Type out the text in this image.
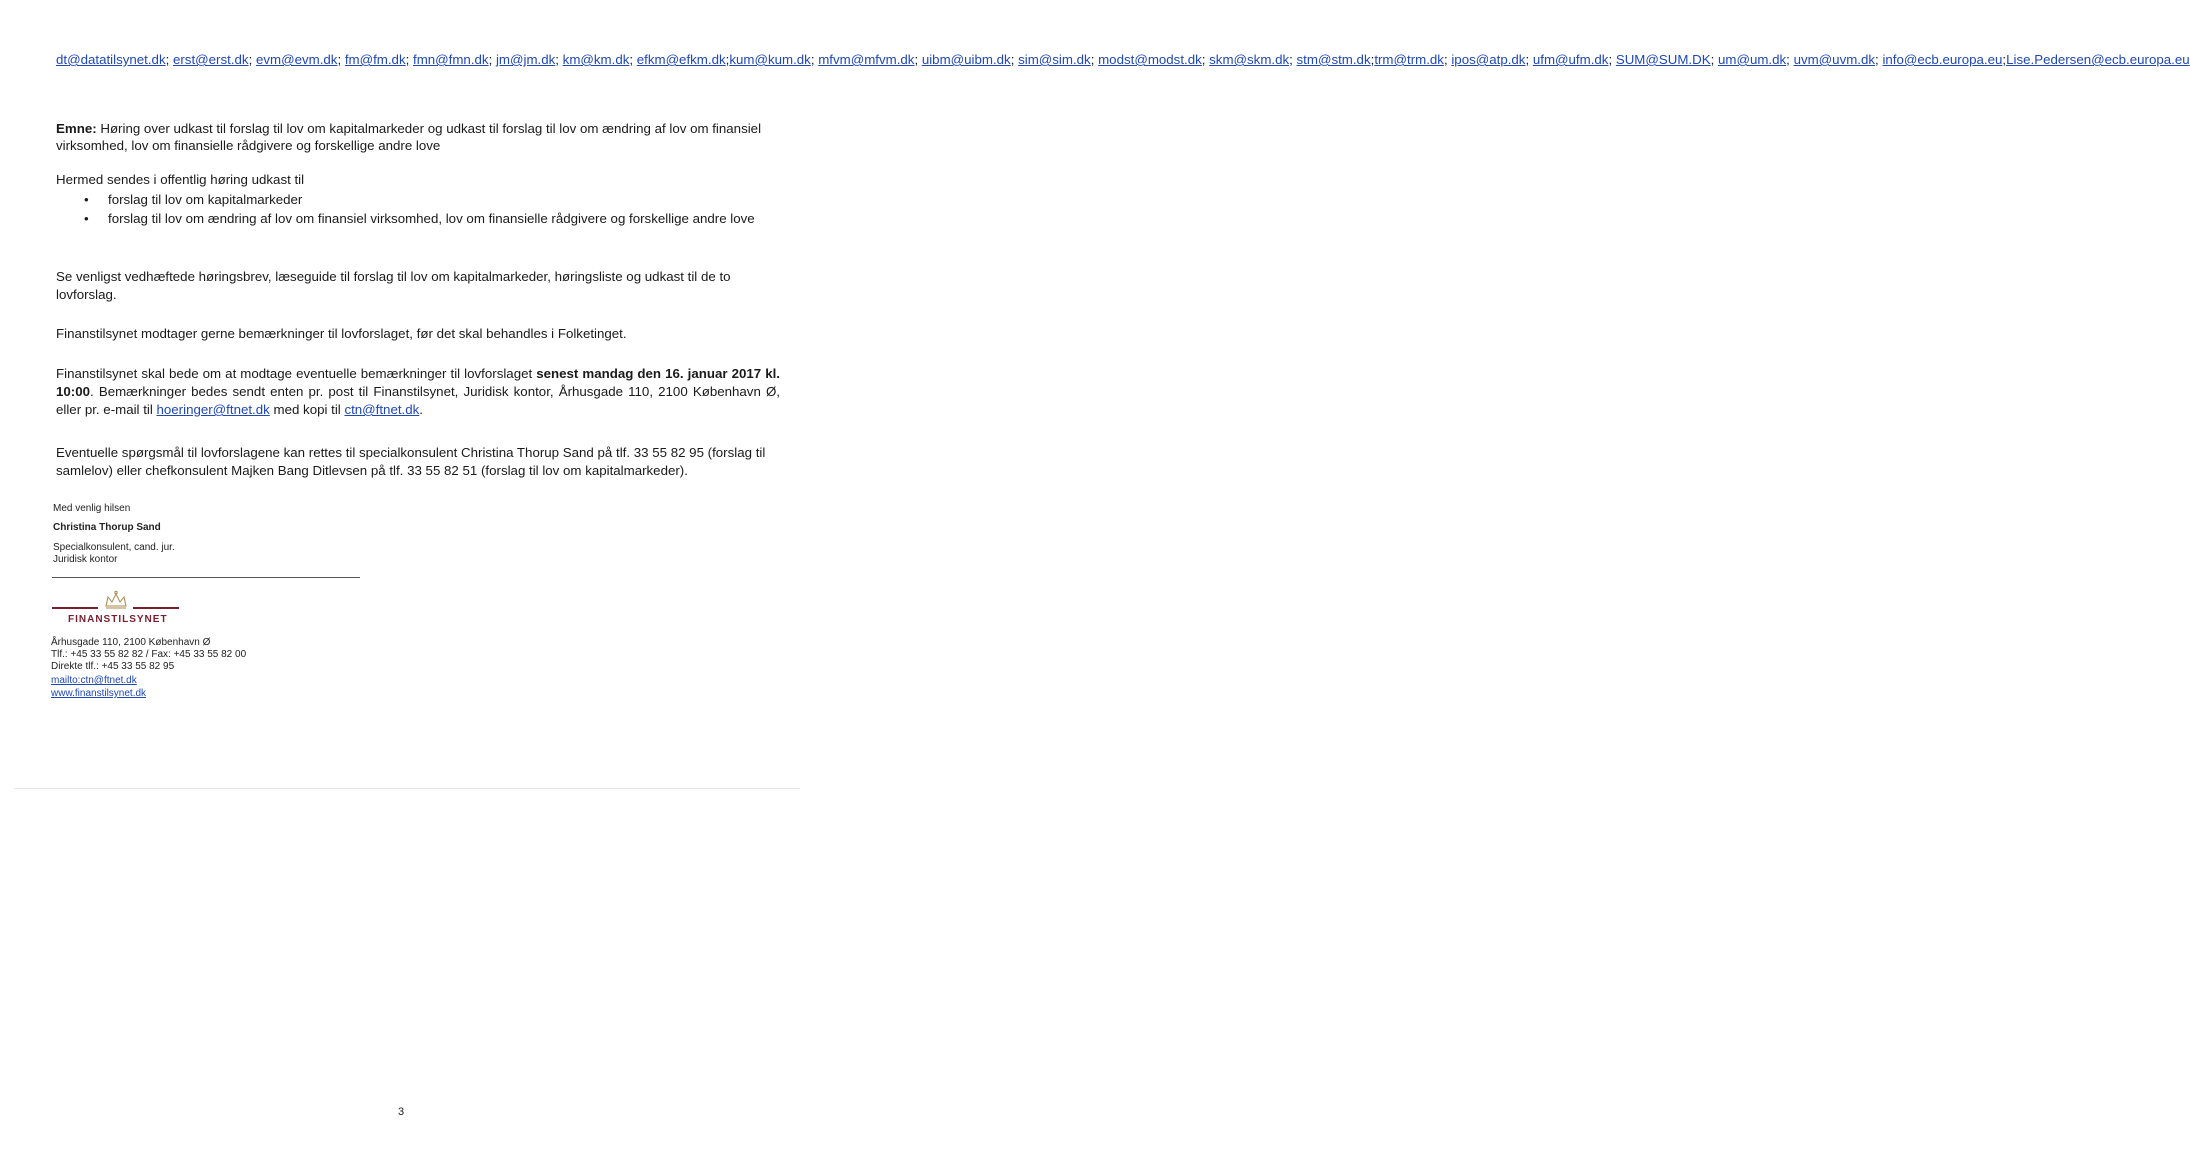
dt@datatilsynet.dk; erst@erst.dk; evm@evm.dk; fm@fm.dk; fmn@fmn.dk; jm@jm.dk; km@km.dk; efkm@efkm.dk;kum@kum.dk; mfvm@mfvm.dk; uibm@uibm.dk; sim@sim.dk; modst@modst.dk; skm@skm.dk; stm@stm.dk;trm@trm.dk; ipos@atp.dk; ufm@ufm.dk; SUM@SUM.DK; um@um.dk; uvm@uvm.dk; info@ecb.europa.eu;Lise.Pedersen@ecb.europa.eu
Emne: Høring over udkast til forslag til lov om kapitalmarkeder og udkast til forslag til lov om ændring af lov om finansiel virksomhed, lov om finansielle rådgivere og forskellige andre love

Hermed sendes i offentlig høring udkast til

• forslag til lov om kapitalmarkeder
• forslag til lov om ændring af lov om finansiel virksomhed, lov om finansielle rådgivere og forskellige andre love

Se venligst vedhæftede høringsbrev, læseguide til forslag til lov om kapitalmarkeder, høringsliste og udkast til de to lovforslag.

Finanstilsynet modtager gerne bemærkninger til lovforslaget, før det skal behandles i Folketinget.

Finanstilsynet skal bede om at modtage eventuelle bemærkninger til lovforslaget senest mandag den 16. januar 2017 kl. 10:00. Bemærkninger bedes sendt enten pr. post til Finanstilsynet, Juridisk kontor, Århusgade 110, 2100 København Ø, eller pr. e-mail til hoeringer@ftnet.dk med kopi til ctn@ftnet.dk.

Eventuelle spørgsmål til lovforslagene kan rettes til specialkonsulent Christina Thorup Sand på tlf. 33 55 82 95 (forslag til samlelov) eller chefkonsulent Majken Bang Ditlevsen på tlf. 33 55 82 51 (forslag til lov om kapitalmarkeder).

Med venlig hilsen
Christina Thorup Sand
Specialkonsulent, cand. jur.
Juridisk kontor
FINANSTILSYNET
Århusgade 110, 2100 København Ø
Tlf.: +45 33 55 82 82 / Fax: +45 33 55 82 00
Direkte tlf.: +45 33 55 82 95
mailto:ctn@ftnet.dk
www.finanstilsynet.dk
3
